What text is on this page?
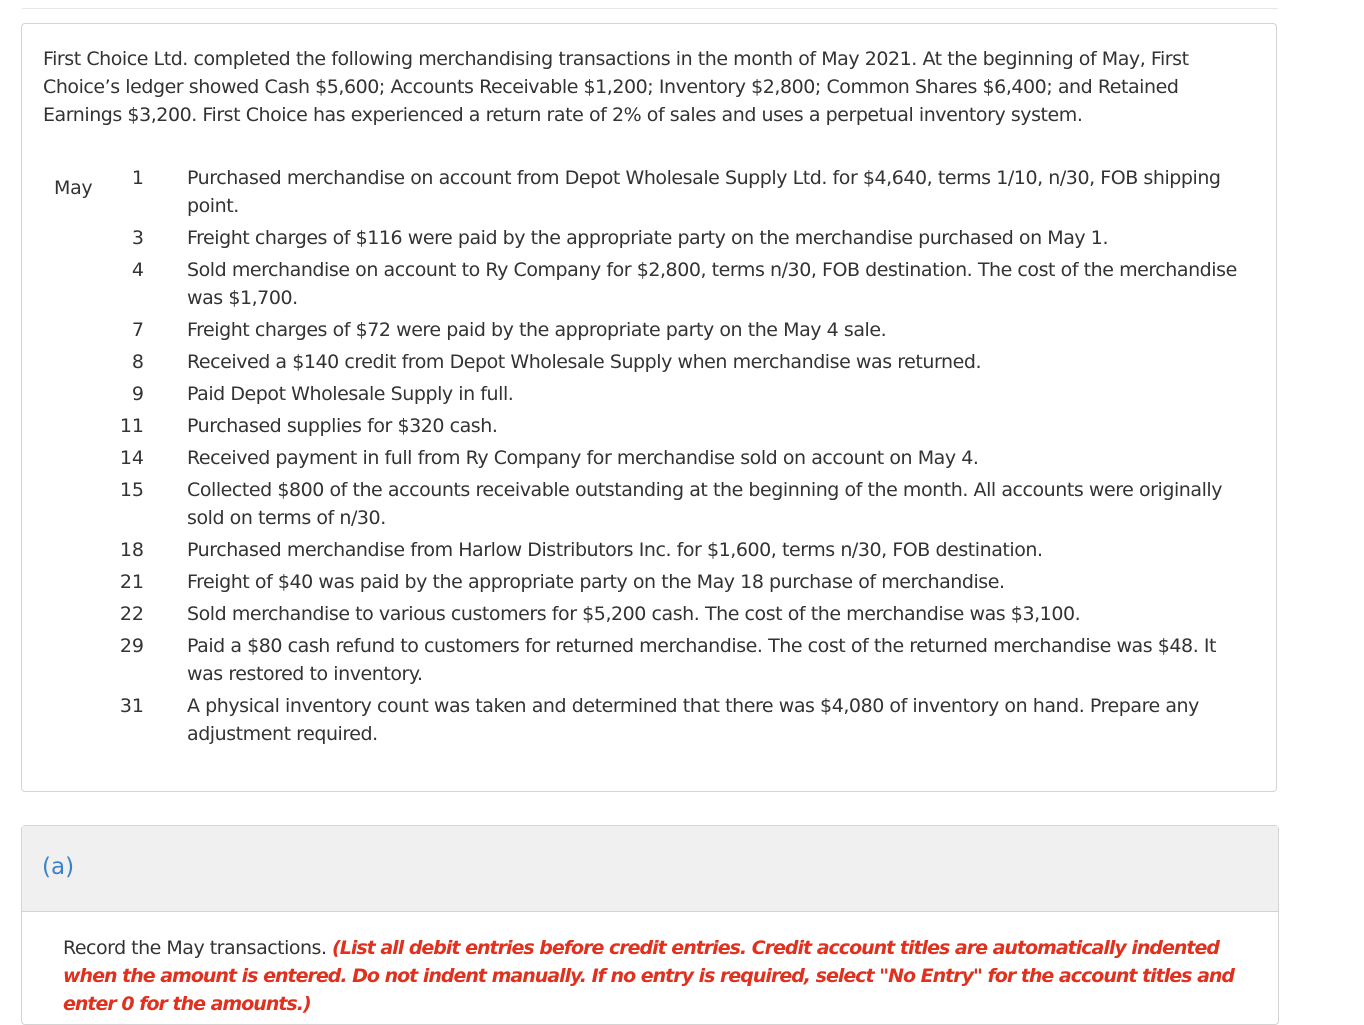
First Choice Ltd. completed the following merchandising transactions in the month of May 2021. At the beginning of May, First Choice’s ledger showed Cash $5,600; Accounts Receivable $1,200; Inventory $2,800; Common Shares $6,400; and Retained Earnings $3,200. First Choice has experienced a return rate of 2% of sales and uses a perpetual inventory system.
May	1 Purchased merchandise on account from Depot Wholesale Supply Ltd. for $4,640, terms 1/10, n/30, FOB shipping point.
3 Freight charges of $116 were paid by the appropriate party on the merchandise purchased on May 1.
4 Sold merchandise on account to Ry Company for $2,800, terms n/30, FOB destination. The cost of the merchandise was $1,700.
7 Freight charges of $72 were paid by the appropriate party on the May 4 sale.
8 Received a $140 credit from Depot Wholesale Supply when merchandise was returned.
9 Paid Depot Wholesale Supply in full.
11 Purchased supplies for $320 cash.
14 Received payment in full from Ry Company for merchandise sold on account on May 4.
15 Collected $800 of the accounts receivable outstanding at the beginning of the month. All accounts were originally sold on terms of n/30.
18 Purchased merchandise from Harlow Distributors Inc. for $1,600, terms n/30, FOB destination.
21 Freight of $40 was paid by the appropriate party on the May 18 purchase of merchandise.
22 Sold merchandise to various customers for $5,200 cash. The cost of the merchandise was $3,100.
29 Paid a $80 cash refund to customers for returned merchandise. The cost of the returned merchandise was $48. It was restored to inventory.
31 A physical inventory count was taken and determined that there was $4,080 of inventory on hand. Prepare any adjustment required.
(a)
Record the May transactions. (List all debit entries before credit entries. Credit account titles are automatically indented when the amount is entered. Do not indent manually. If no entry is required, select "No Entry" for the account titles and enter 0 for the amounts.)
